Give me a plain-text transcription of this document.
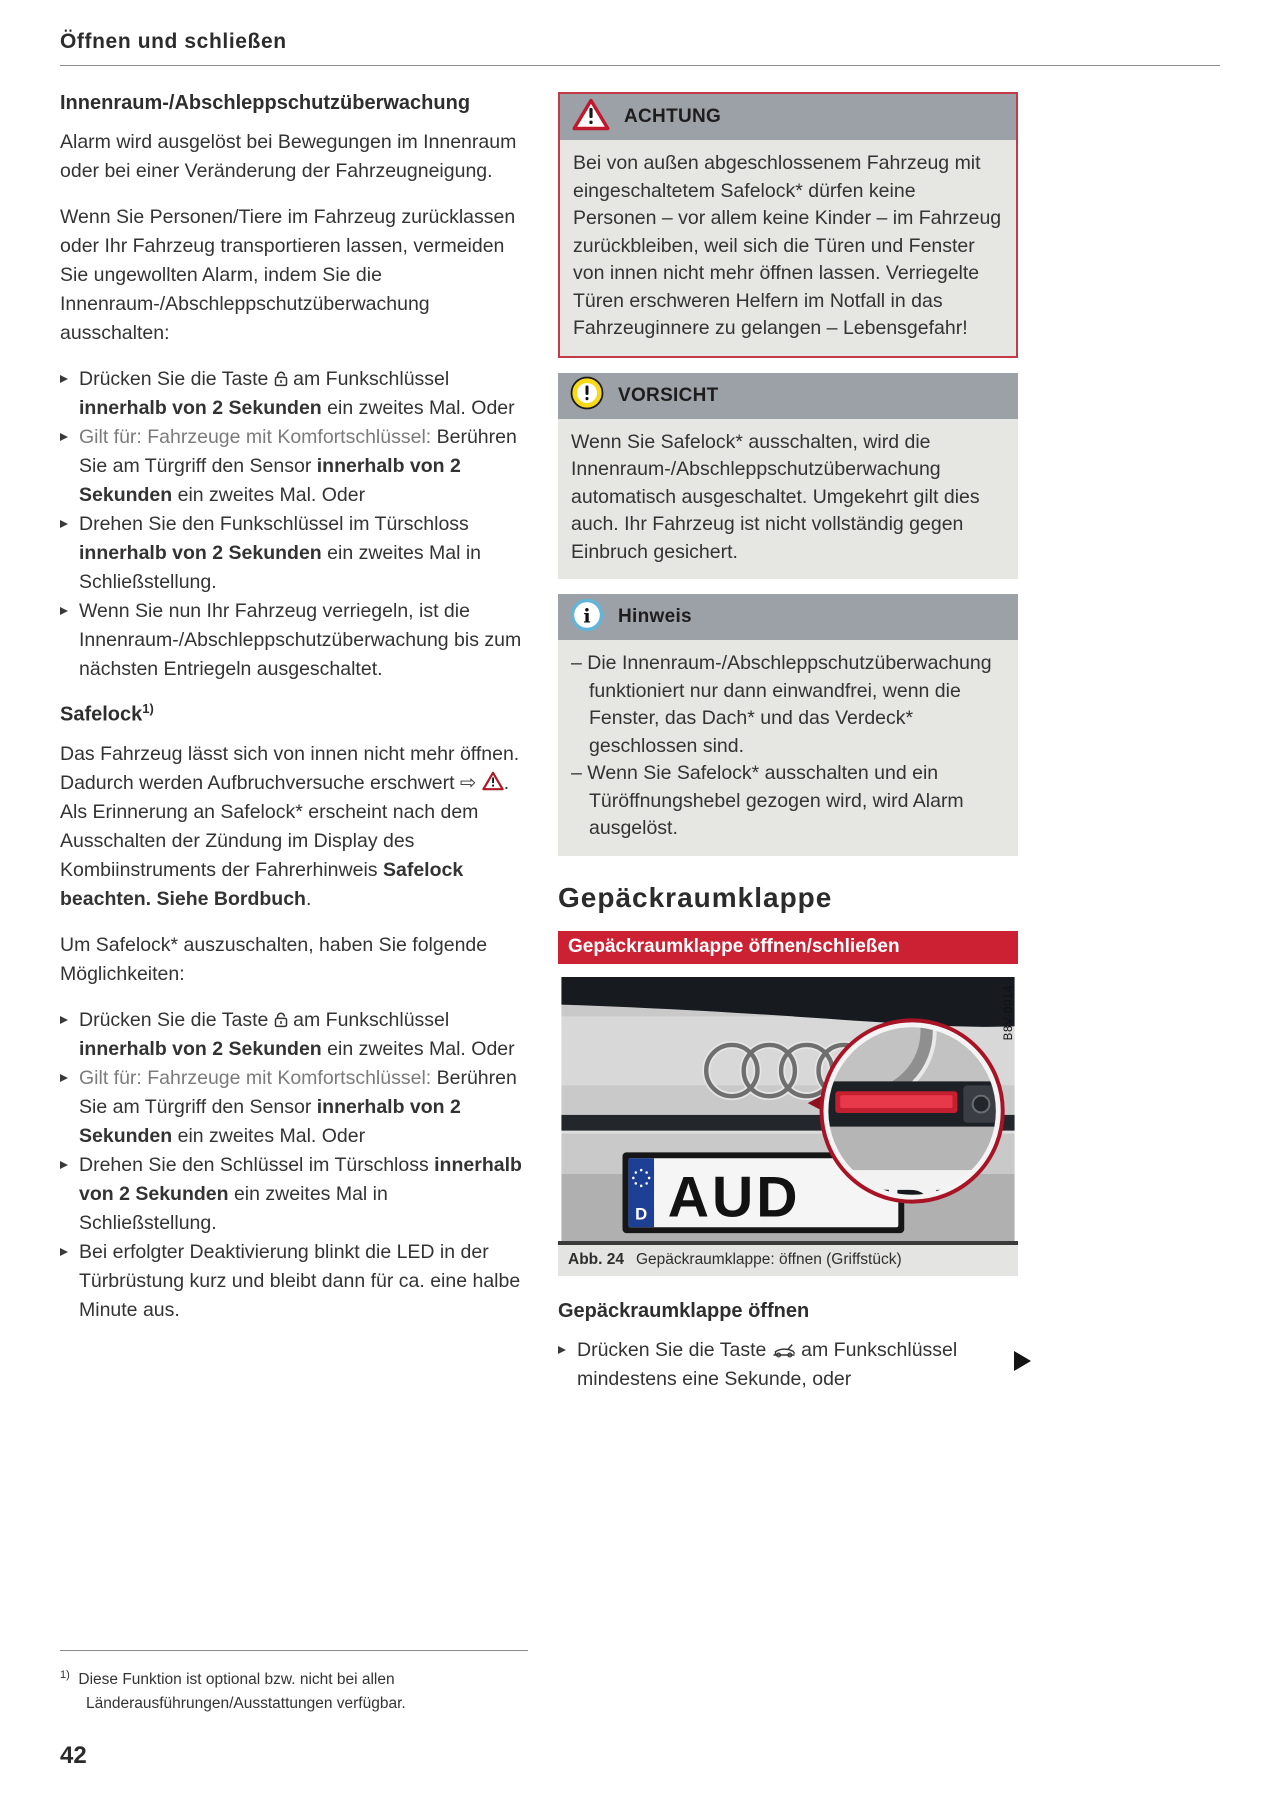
Öffnen und schließen
Innenraum-/Abschleppschutzüberwachung

Alarm wird ausgelöst bei Bewegungen im Innenraum oder bei einer Veränderung der Fahrzeugneigung.

Wenn Sie Personen/Tiere im Fahrzeug zurücklassen oder Ihr Fahrzeug transportieren lassen, vermeiden Sie ungewollten Alarm, indem Sie die Innenraum-/Abschleppschutzüberwachung ausschalten:

Drücken Sie die Taste  am Funkschlüssel innerhalb von 2 Sekunden ein zweites Mal. Oder
Gilt für: Fahrzeuge mit Komfortschlüssel: Berühren Sie am Türgriff den Sensor innerhalb von 2 Sekunden ein zweites Mal. Oder
Drehen Sie den Funkschlüssel im Türschloss innerhalb von 2 Sekunden ein zweites Mal in Schließstellung.
Wenn Sie nun Ihr Fahrzeug verriegeln, ist die Innenraum-/Abschleppschutzüberwachung bis zum nächsten Entriegeln ausgeschaltet.
Safelock$^{1)}$

Das Fahrzeug lässt sich von innen nicht mehr öffnen. Dadurch werden Aufbruchversuche erschwert ⇨ . Als Erinnerung an Safelock* erscheint nach dem Ausschalten der Zündung im Display des Kombiinstruments der Fahrerhinweis Safelock beachten. Siehe Bordbuch.

Um Safelock* auszuschalten, haben Sie folgende Möglichkeiten:

Drücken Sie die Taste  am Funkschlüssel innerhalb von 2 Sekunden ein zweites Mal. Oder
Gilt für: Fahrzeuge mit Komfortschlüssel: Berühren Sie am Türgriff den Sensor innerhalb von 2 Sekunden ein zweites Mal. Oder
Drehen Sie den Schlüssel im Türschloss innerhalb von 2 Sekunden ein zweites Mal in Schließstellung.
Bei erfolgter Deaktivierung blinkt die LED in der Türbrüstung kurz und bleibt dann für ca. eine halbe Minute aus.
ACHTUNG
Bei von außen abgeschlossenem Fahrzeug mit eingeschaltetem Safelock* dürfen keine Personen – vor allem keine Kinder – im Fahrzeug zurückbleiben, weil sich die Türen und Fenster von innen nicht mehr öffnen lassen. Verriegelte Türen erschweren Helfern im Notfall in das Fahrzeuginnere zu gelangen – Lebensgefahr!
VORSICHT
Wenn Sie Safelock* ausschalten, wird die Innenraum-/Abschleppschutzüberwachung automatisch ausgeschaltet. Umgekehrt gilt dies auch. Ihr Fahrzeug ist nicht vollständig gegen Einbruch gesichert.
i Hinweis
– Die Innenraum-/Abschleppschutzüberwachung funktioniert nur dann einwandfrei, wenn die Fenster, das Dach* und das Verdeck* geschlossen sind.
– Wenn Sie Safelock* ausschalten und ein Türöffnungshebel gezogen wird, wird Alarm ausgelöst.
Gepäckraumklappe
Gepäckraumklappe öffnen/schließen
D AUD
B8V-0014
Abb. 24 Gepäckraumklappe: öffnen (Griffstück)
Gepäckraumklappe öffnen
Drücken Sie die Taste  am Funkschlüssel mindestens eine Sekunde, oder
$^{1)}$ Diese Funktion ist optional bzw. nicht bei allen Länderausführungen/Ausstattungen verfügbar.
42
